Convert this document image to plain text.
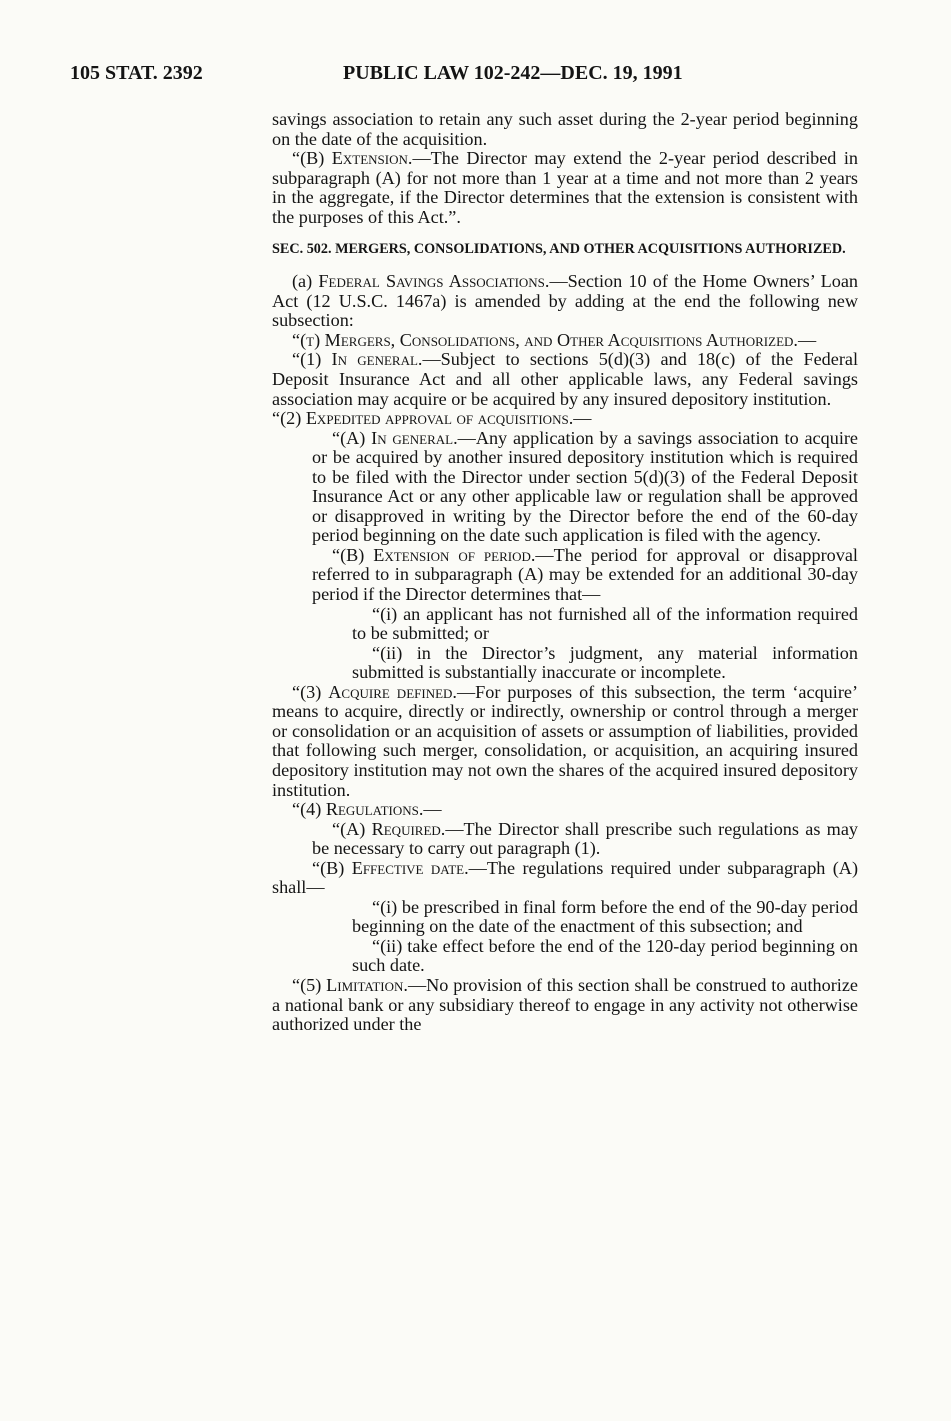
105 STAT. 2392	PUBLIC LAW 102-242—DEC. 19, 1991

savings association to retain any such asset during the 2-year period beginning on the date of the acquisition.

“(B) Extension.—The Director may extend the 2-year period described in subparagraph (A) for not more than 1 year at a time and not more than 2 years in the aggregate, if the Director determines that the extension is consistent with the purposes of this Act.”.

SEC. 502. MERGERS, CONSOLIDATIONS, AND OTHER ACQUISITIONS AUTHORIZED.

(a) Federal Savings Associations.—Section 10 of the Home Owners’ Loan Act (12 U.S.C. 1467a) is amended by adding at the end the following new subsection:

“(t) Mergers, Consolidations, and Other Acquisitions Authorized.—

“(1) In general.—Subject to sections 5(d)(3) and 18(c) of the Federal Deposit Insurance Act and all other applicable laws, any Federal savings association may acquire or be acquired by any insured depository institution.

“(2) Expedited approval of acquisitions.—

“(A) In general.—Any application by a savings association to acquire or be acquired by another insured depository institution which is required to be filed with the Director under section 5(d)(3) of the Federal Deposit Insurance Act or any other applicable law or regulation shall be approved or disapproved in writing by the Director before the end of the 60-day period beginning on the date such application is filed with the agency.

“(B) Extension of period.—The period for approval or disapproval referred to in subparagraph (A) may be extended for an additional 30-day period if the Director determines that—

“(i) an applicant has not furnished all of the information required to be submitted; or

“(ii) in the Director’s judgment, any material information submitted is substantially inaccurate or incomplete.

“(3) Acquire defined.—For purposes of this subsection, the term ‘acquire’ means to acquire, directly or indirectly, ownership or control through a merger or consolidation or an acquisition of assets or assumption of liabilities, provided that following such merger, consolidation, or acquisition, an acquiring insured depository institution may not own the shares of the acquired insured depository institution.

“(4) Regulations.—

“(A) Required.—The Director shall prescribe such regulations as may be necessary to carry out paragraph (1).

“(B) Effective date.—The regulations required under subparagraph (A) shall—

“(i) be prescribed in final form before the end of the 90-day period beginning on the date of the enactment of this subsection; and

“(ii) take effect before the end of the 120-day period beginning on such date.

“(5) Limitation.—No provision of this section shall be construed to authorize a national bank or any subsidiary thereof to engage in any activity not otherwise authorized under the
